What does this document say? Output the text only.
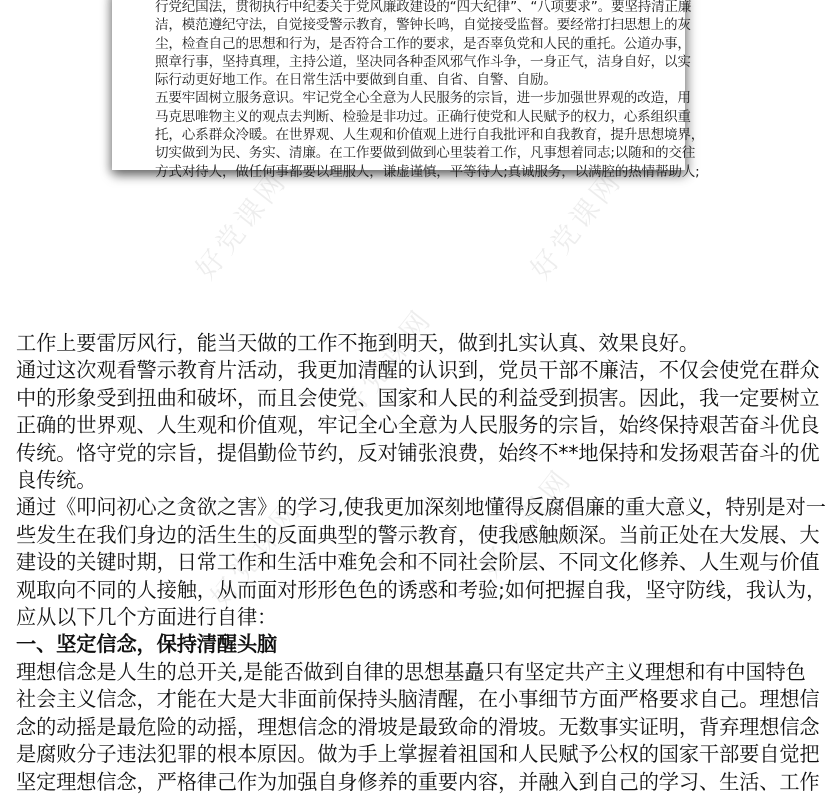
好党课网	好党课网
好党课网
好党课网	好党课网
行党纪国法，贯彻执行中纪委关于党风廉政建设的“四大纪律”、“八项要求”。要坚持清正廉
洁，模范遵纪守法，自觉接受警示教育，警钟长鸣，自觉接受监督。要经常打扫思想上的灰
尘，检查自己的思想和行为，是否符合工作的要求，是否辜负党和人民的重托。公道办事，
照章行事，坚持真理，主持公道，坚决同各种歪风邪气作斗争，一身正气，洁身自好，以实
际行动更好地工作。在日常生活中要做到自重、自省、自警、自励。
五要牢固树立服务意识。牢记党全心全意为人民服务的宗旨，进一步加强世界观的改造，用
马克思唯物主义的观点去判断、检验是非功过。正确行使党和人民赋予的权力，心系组织重
托，心系群众冷暖。在世界观、人生观和价值观上进行自我批评和自我教育，提升思想境界，
切实做到为民、务实、清廉。在工作要做到做到心里装着工作，凡事想着同志;以随和的交往
方式对待人，做任何事都要以理服人，谦虚谨慎，平等待人;真诚服务，以满腔的热情帮助人;
工作上要雷厉风行，能当天做的工作不拖到明天，做到扎实认真、效果良好。
通过这次观看警示教育片活动，我更加清醒的认识到，党员干部不廉洁，不仅会使党在群众
中的形象受到扭曲和破坏，而且会使党、国家和人民的利益受到损害。因此，我一定要树立
正确的世界观、人生观和价值观，牢记全心全意为人民服务的宗旨，始终保持艰苦奋斗优良
传统。恪守党的宗旨，提倡勤俭节约，反对铺张浪费，始终不**地保持和发扬艰苦奋斗的优
良传统。
通过《叩问初心之贪欲之害》的学习,使我更加深刻地懂得反腐倡廉的重大意义，特别是对一
些发生在我们身边的活生生的反面典型的警示教育，使我感触颇深。当前正处在大发展、大
建设的关键时期，日常工作和生活中难免会和不同社会阶层、不同文化修养、人生观与价值
观取向不同的人接触，从而面对形形色色的诱惑和考验;如何把握自我，坚守防线，我认为，
应从以下几个方面进行自律：
一、坚定信念，保持清醒头脑
理想信念是人生的总开关,是能否做到自律的思想基矗只有坚定共产主义理想和有中国特色
社会主义信念，才能在大是大非面前保持头脑清醒，在小事细节方面严格要求自己。理想信
念的动摇是最危险的动摇，理想信念的滑坡是最致命的滑坡。无数事实证明，背弃理想信念
是腐败分子违法犯罪的根本原因。做为手上掌握着祖国和人民赋予公权的国家干部要自觉把
坚定理想信念，严格律己作为加强自身修养的重要内容，并融入到自己的学习、生活、工作
